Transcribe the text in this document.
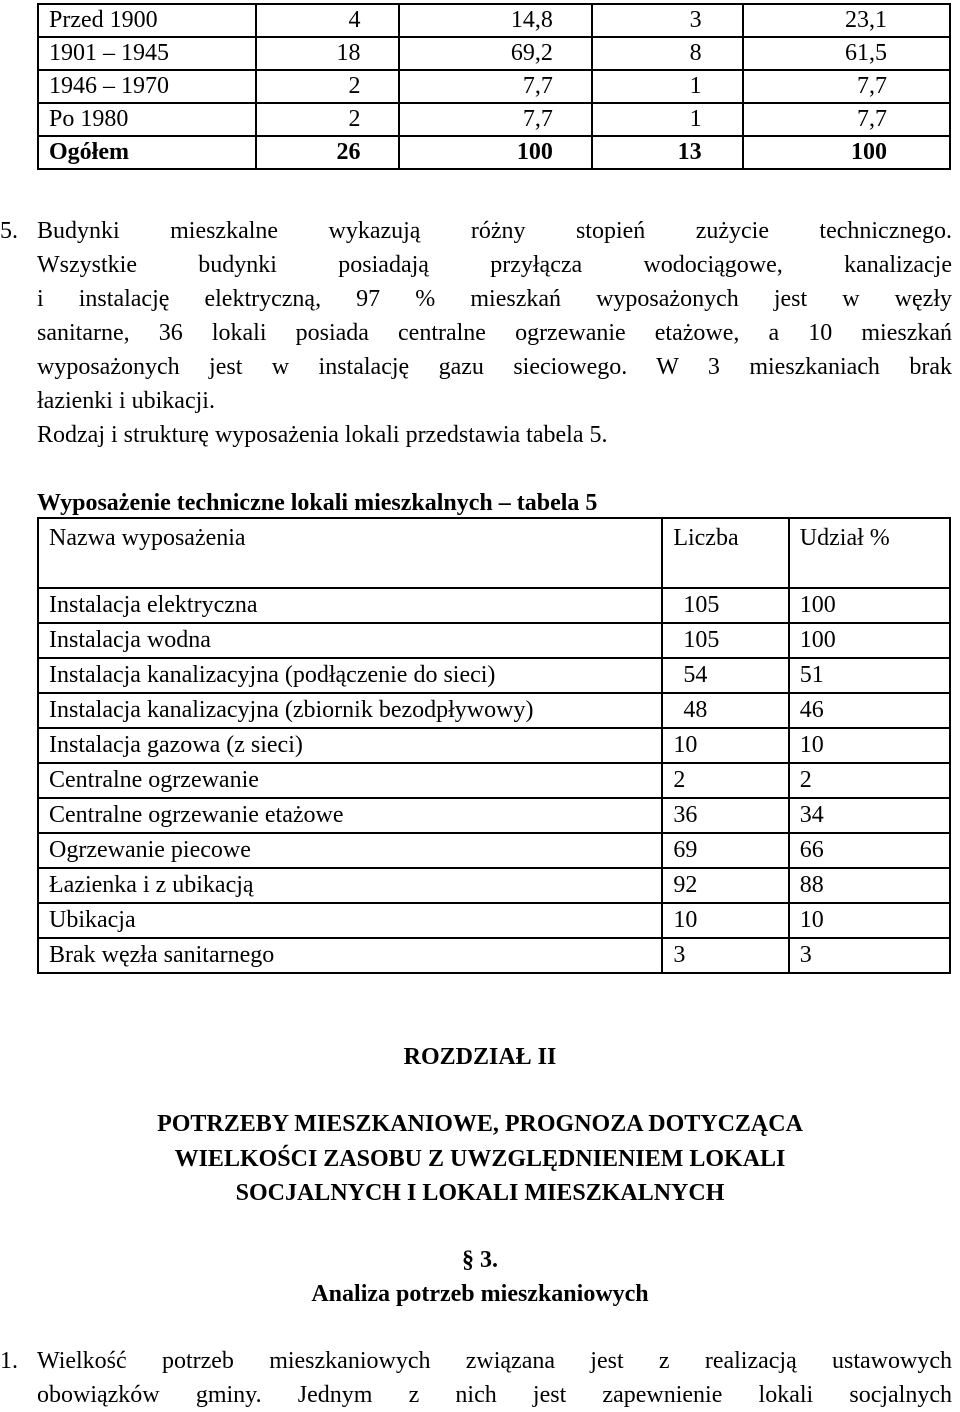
Przed 1900	4	14,8	3	23,1
1901 – 1945	18	69,2	8	61,5
1946 – 1970	2	7,7	1	7,7
Po 1980	2	7,7	1	7,7
Ogółem	26	100	13	100
5. Budynki mieszkalne wykazują różny stopień zużycie technicznego.
Wszystkie budynki posiadają przyłącza wodociągowe, kanalizacje
i instalację elektryczną, 97 % mieszkań wyposażonych jest w węzły
sanitarne, 36 lokali posiada centralne ogrzewanie etażowe, a 10 mieszkań
wyposażonych jest w instalację gazu sieciowego. W 3 mieszkaniach brak
łazienki i ubikacji.
Rodzaj i strukturę wyposażenia lokali przedstawia tabela 5.
Wyposażenie techniczne lokali mieszkalnych – tabela 5
Nazwa wyposażenia	Liczba	Udział %
Instalacja elektryczna	105	100
Instalacja wodna	105	100
Instalacja kanalizacyjna (podłączenie do sieci)	54	51
Instalacja kanalizacyjna (zbiornik bezodpływowy)	48	46
Instalacja gazowa (z sieci)	10	10
Centralne ogrzewanie	2	2
Centralne ogrzewanie etażowe	36	34
Ogrzewanie piecowe	69	66
Łazienka i z ubikacją	92	88
Ubikacja	10	10
Brak węzła sanitarnego	3	3
ROZDZIAŁ II
POTRZEBY MIESZKANIOWE, PROGNOZA DOTYCZĄCA
WIELKOŚCI ZASOBU Z UWZGLĘDNIENIEM LOKALI
SOCJALNYCH I LOKALI MIESZKALNYCH
§ 3.
Analiza potrzeb mieszkaniowych
1. Wielkość potrzeb mieszkaniowych związana jest z realizacją ustawowych
obowiązków gminy. Jednym z nich jest zapewnienie lokali socjalnych
